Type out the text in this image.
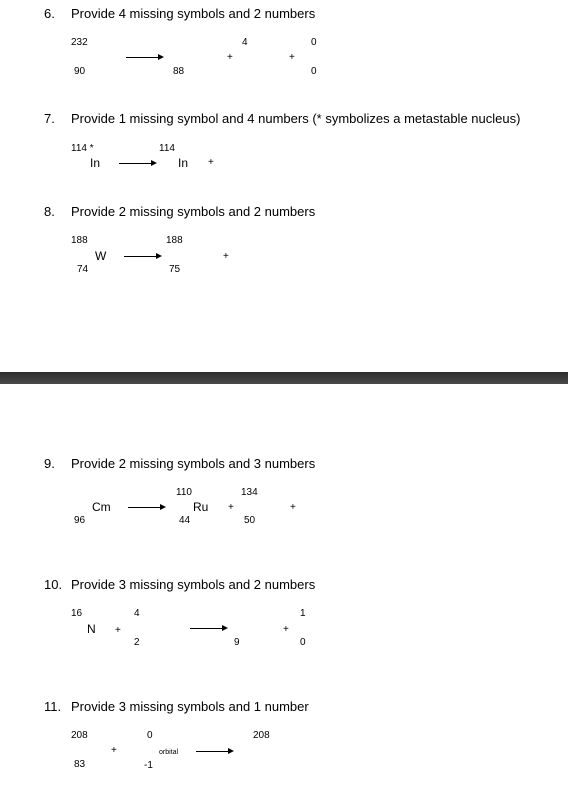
6. Provide 4 missing symbols and 2 numbers
232
90	88
4
+	+
0
0
7. Provide 1 missing symbol and 4 numbers (* symbolizes a metastable nucleus)
114 *
In
114
In +
8. Provide 2 missing symbols and 2 numbers
188
W
74
188
75
+
9. Provide 2 missing symbols and 3 numbers
Cm
96
110
Ru
44
+
134
50
+
10. Provide 3 missing symbols and 2 numbers
16
N +
4
2	9
+
1
0
11. Provide 3 missing symbols and 1 number
208
83
+
0
orbital
-1
208
